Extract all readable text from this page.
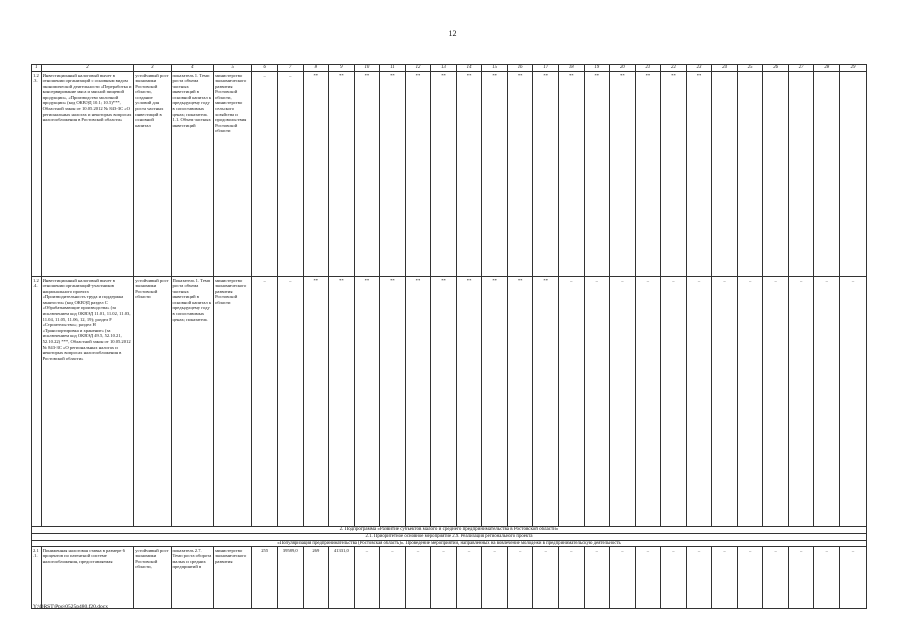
12
1	2	3	4	5	6	7	8	9	10	11	12	13	14	15	16	17	18	19	20	21	22	23	24	25	26	27	28	29
1.2.3.	Инвестиционный налоговый вычет в отношении организаций с основным видом экономической деятельности «Переработка и консервирование мяса и мясной пищевой продукции», «Производство молочной продукции» (код ОКВЭД 10.1; 10.5)***, Областной закон от 10.05.2012 № 843-ЗС «О региональных налогах и некоторых вопросах налогообложения в Ростовской области»	устойчивый рост экономики Ростовской области, создание условий для роста частных инвестиций в основной капитал	показатель 1. Темп роста объема частных инвестиций в основной капитал к предыдущему году в сопоставимых ценах; показатель 1.1. Объем частных инвестиций	министерство экономического развития Ростовской области, министерство сельского хозяйства и продовольствия Ростовской области	–	–	**	**	**	**	**	**	**	**	**	**	**	**	**	**	**	**						
1.2.4.	Инвестиционный налоговый вычет в отношении организаций-участников национального проекта «Производительность труда и поддержка занятости» (код ОКВЭД раздел С «Обрабатывающие производства» (за исключением код ОКВЭД 11.01, 11.02, 11.03, 11.04, 11.05, 11.06, 12, 19); раздел F «Строительство»; раздел H «Транспортировка и хранение» (за исключением код ОКВЭД 49.5, 52.10.21, 52.10.22) ***, Областной закон от 10.05.2012 № 843-ЗС «О региональных налогах и некоторых вопросах налогообложения в Ростовской области»	устойчивый рост экономики Ростовской области	Показатель 1. Темп роста объема частных инвестиций в основной капитал к предыдущему году в сопоставимых ценах; показатель	министерство экономического развития Ростовской области	–	–	**	**	**	**	**	**	**	**	**	**	–	–	–	–	–	–	–	–	–	–	–	–
2. Подпрограмма «Развитие субъектов малого и среднего предпринимательства в Ростовской области»																												
2.1. Приоритетное основное мероприятие 2.9. Реализация регионального проекта																												
«Популяризация предпринимательства (Ростовская область)». Проведение мероприятий, направленных на вовлечение молодежи в предпринимательскую деятельность																												
2.1.1.	Пониженная налоговая ставка в размере 6 процентов по патентной системе налогообложения, предоставляемая	устойчивый рост экономики Ростовской области,	показатель 2.7. Темп роста оборота малых и средних предприятий в	министерство экономического развития	255	39589,0	269	41331,0	–	–	–	–	–	–	–	–	–	–	–	–	–	–	–	–	–	–	–	–
Y:\ORST\Ppo\0525p480.f20.docx
